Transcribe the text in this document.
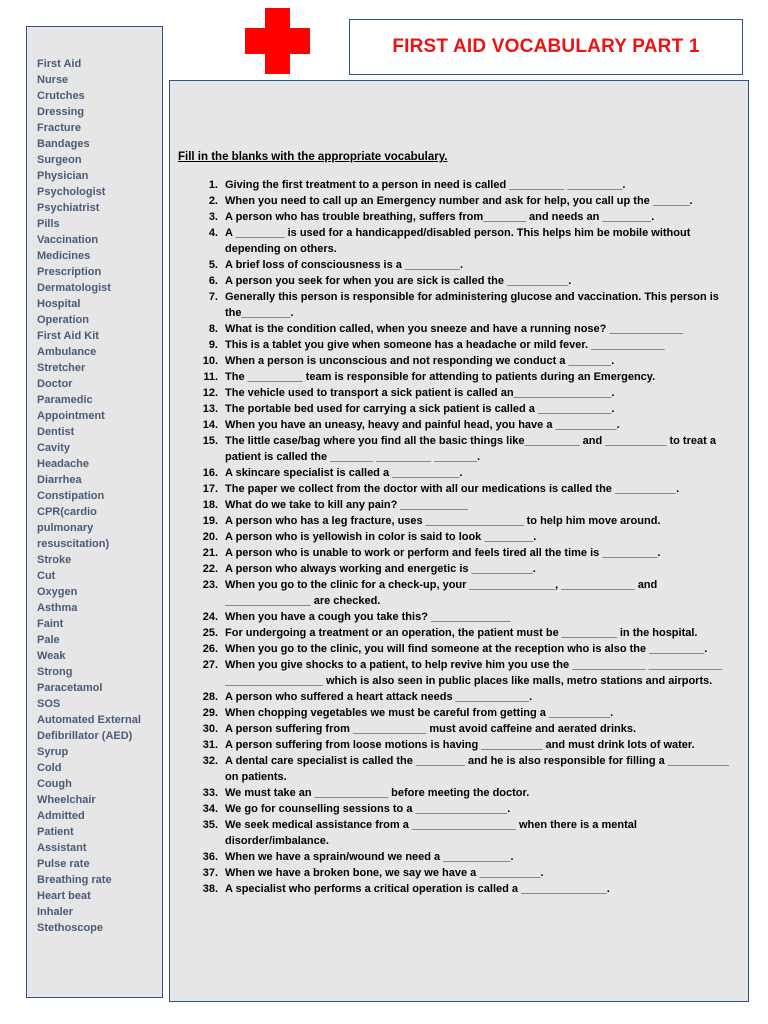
First Aid
Nurse
Crutches
Dressing
Fracture
Bandages
Surgeon
Physician
Psychologist
Psychiatrist
Pills
Vaccination
Medicines
Prescription
Dermatologist
Hospital
Operation
First Aid Kit
Ambulance
Stretcher
Doctor
Paramedic
Appointment
Dentist
Cavity
Headache
Diarrhea
Constipation
CPR(cardio
pulmonary
resuscitation)
Stroke
Cut
Oxygen
Asthma
Faint
Pale
Weak
Strong
Paracetamol
SOS
Automated External
Defibrillator (AED)
Syrup
Cold
Cough
Wheelchair
Admitted
Patient
Assistant
Pulse rate
Breathing rate
Heart beat
Inhaler
Stethoscope
FIRST AID VOCABULARY PART 1

Fill in the blanks with the appropriate vocabulary.

1. Giving the first treatment to a person in need is called _________ _________.
2. When you need to call up an Emergency number and ask for help, you call up the ______.
3. A person who has trouble breathing, suffers from_______ and needs an ________.
4. A ________ is used for a handicapped/disabled person. This helps him be mobile without
depending on others.
5. A brief loss of consciousness is a _________.
6. A person you seek for when you are sick is called the __________.
7. Generally this person is responsible for administering glucose and vaccination. This person is
the________.
8. What is the condition called, when you sneeze and have a running nose? ____________
9. This is a tablet you give when someone has a headache or mild fever. ____________
10. When a person is unconscious and not responding we conduct a _______.
11. The _________ team is responsible for attending to patients during an Emergency.
12. The vehicle used to transport a sick patient is called an________________.
13. The portable bed used for carrying a sick patient is called a ____________.
14. When you have an uneasy, heavy and painful head, you have a __________.
15. The little case/bag where you find all the basic things like_________ and __________ to treat a
patient is called the _______ _________ _______.
16. A skincare specialist is called a ___________.
17. The paper we collect from the doctor with all our medications is called the __________.
18. What do we take to kill any pain? ___________
19. A person who has a leg fracture, uses ________________ to help him move around.
20. A person who is yellowish in color is said to look ________.
21. A person who is unable to work or perform and feels tired all the time is _________.
22. A person who always working and energetic is __________.
23. When you go to the clinic for a check-up, your ______________, ____________ and
______________ are checked.
24. When you have a cough you take this? _____________
25. For undergoing a treatment or an operation, the patient must be _________ in the hospital.
26. When you go to the clinic, you will find someone at the reception who is also the _________.
27. When you give shocks to a patient, to help revive him you use the ____________ ____________
________________ which is also seen in public places like malls, metro stations and airports.
28. A person who suffered a heart attack needs ____________.
29. When chopping vegetables we must be careful from getting a __________.
30. A person suffering from ____________ must avoid caffeine and aerated drinks.
31. A person suffering from loose motions is having __________ and must drink lots of water.
32. A dental care specialist is called the ________ and he is also responsible for filling a __________
on patients.
33. We must take an ____________ before meeting the doctor.
34. We go for counselling sessions to a _______________.
35. We seek medical assistance from a _________________ when there is a mental
disorder/imbalance.
36. When we have a sprain/wound we need a ___________.
37. When we have a broken bone, we say we have a __________.
38. A specialist who performs a critical operation is called a ______________.
